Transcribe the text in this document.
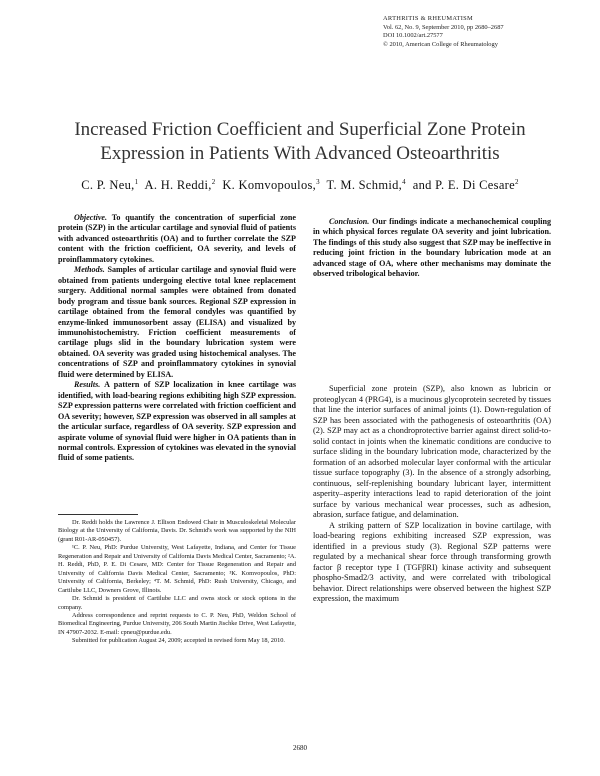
ARTHRITIS & RHEUMATISM
Vol. 62, No. 9, September 2010, pp 2680–2687
DOI 10.1002/art.27577
© 2010, American College of Rheumatology
Increased Friction Coefficient and Superficial Zone Protein
Expression in Patients With Advanced Osteoarthritis
C. P. Neu,$^1$ A. H. Reddi,$^2$ K. Komvopoulos,$^3$ T. M. Schmid,$^4$ and P. E. Di Cesare$^2$

Objective. To quantify the concentration of superficial zone protein (SZP) in the articular cartilage and synovial fluid of patients with advanced osteoarthritis (OA) and to further correlate the SZP content with the friction coefficient, OA severity, and levels of proinflammatory cytokines.

Methods. Samples of articular cartilage and synovial fluid were obtained from patients undergoing elective total knee replacement surgery. Additional normal samples were obtained from donated body program and tissue bank sources. Regional SZP expression in cartilage obtained from the femoral condyles was quantified by enzyme-linked immunosorbent assay (ELISA) and visualized by immunohistochemistry. Friction coefficient measurements of cartilage plugs slid in the boundary lubrication system were obtained. OA severity was graded using histochemical analyses. The concentrations of SZP and proinflammatory cytokines in synovial fluid were determined by ELISA.

Results. A pattern of SZP localization in knee cartilage was identified, with load-bearing regions exhibiting high SZP expression. SZP expression patterns were correlated with friction coefficient and OA severity; however, SZP expression was observed in all samples at the articular surface, regardless of OA severity. SZP expression and aspirate volume of synovial fluid were higher in OA patients than in normal controls. Expression of cytokines was elevated in the synovial fluid of some patients.

Conclusion. Our findings indicate a mechanochemical coupling in which physical forces regulate OA severity and joint lubrication. The findings of this study also suggest that SZP may be ineffective in reducing joint friction in the boundary lubrication mode at an advanced stage of OA, where other mechanisms may dominate the observed tribological behavior.

Superficial zone protein (SZP), also known as lubricin or proteoglycan 4 (PRG4), is a mucinous glycoprotein secreted by tissues that line the interior surfaces of animal joints (1). Down-regulation of SZP has been associated with the pathogenesis of osteoarthritis (OA) (2). SZP may act as a chondroprotective barrier against direct solid-to-solid contact in joints when the kinematic conditions are conducive to surface sliding in the boundary lubrication mode, characterized by the formation of an adsorbed molecular layer conformal with the articular tissue surface topography (3). In the absence of a strongly adsorbing, continuous, self-replenishing boundary lubricant layer, intermittent asperity–asperity interactions lead to rapid deterioration of the joint surface by various mechanical wear processes, such as adhesion, abrasion, surface fatigue, and delamination.

A striking pattern of SZP localization in bovine cartilage, with load-bearing regions exhibiting increased SZP expression, was identified in a previous study (3). Regional SZP patterns were regulated by a mechanical shear force through transforming growth factor β receptor type I (TGFβRI) kinase activity and subsequent phospho-Smad2/3 activity, and were correlated with tribological behavior. Direct relationships were observed between the highest SZP expression, the maximum

Dr. Reddi holds the Lawrence J. Ellison Endowed Chair in Musculoskeletal Molecular Biology at the University of California, Davis. Dr. Schmid's work was supported by the NIH (grant R01-AR-050457).

¹C. P. Neu, PhD: Purdue University, West Lafayette, Indiana, and Center for Tissue Regeneration and Repair and University of California Davis Medical Center, Sacramento; ²A. H. Reddi, PhD, P. E. Di Cesare, MD: Center for Tissue Regeneration and Repair and University of California Davis Medical Center, Sacramento; ³K. Komvopoulos, PhD: University of California, Berkeley; ⁴T. M. Schmid, PhD: Rush University, Chicago, and Cartilube LLC, Downers Grove, Illinois.

Dr. Schmid is president of Cartilube LLC and owns stock or stock options in the company.

Address correspondence and reprint requests to C. P. Neu, PhD, Weldon School of Biomedical Engineering, Purdue University, 206 South Martin Jischke Drive, West Lafayette, IN 47907-2032. E-mail: cpneu@purdue.edu.

Submitted for publication August 24, 2009; accepted in revised form May 18, 2010.

2680
